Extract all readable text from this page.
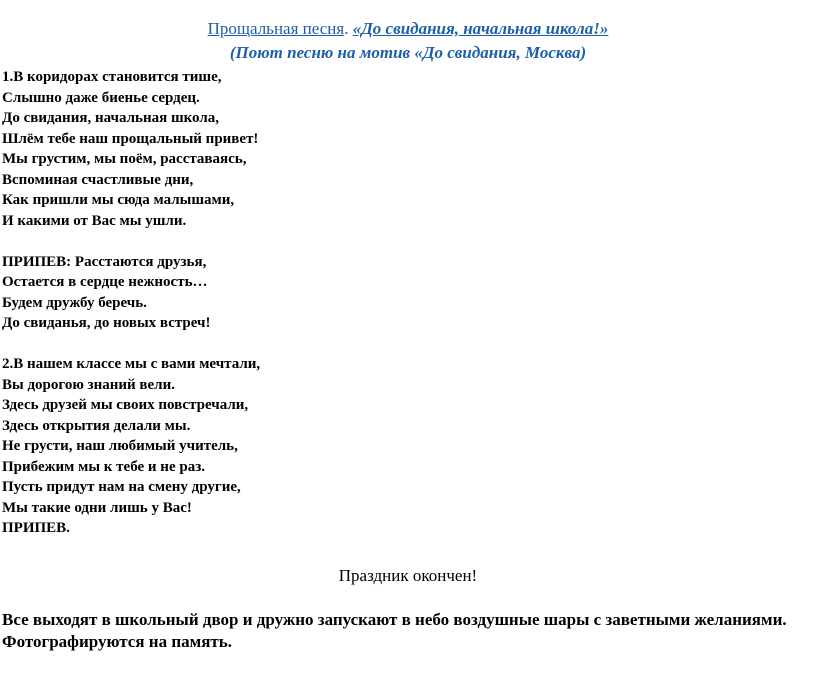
Прощальная песня. «До свидания, начальная школа!»
(Поют песню на мотив «До свидания, Москва)
1.В коридорах становится тише,
Слышно даже биенье сердец.
До свидания, начальная школа,
Шлём тебе наш прощальный привет!
Мы грустим, мы поём, расставаясь,
Вспоминая счастливые дни,
Как пришли мы сюда малышами,
И какими от Вас мы ушли.
ПРИПЕВ: Расстаются друзья,
Остается в сердце нежность…
Будем дружбу беречь.
До свиданья, до новых встреч!
2.В нашем классе мы с вами мечтали,
Вы дорогою знаний вели.
Здесь друзей мы своих повстречали,
Здесь открытия делали мы.
Не грусти, наш любимый учитель,
Прибежим мы к тебе и не раз.
Пусть придут нам на смену другие,
Мы такие одни лишь у Вас!
ПРИПЕВ.
Праздник окончен!
Все выходят в школьный двор и дружно запускают в небо воздушные шары с заветными желаниями. Фотографируются на память.
